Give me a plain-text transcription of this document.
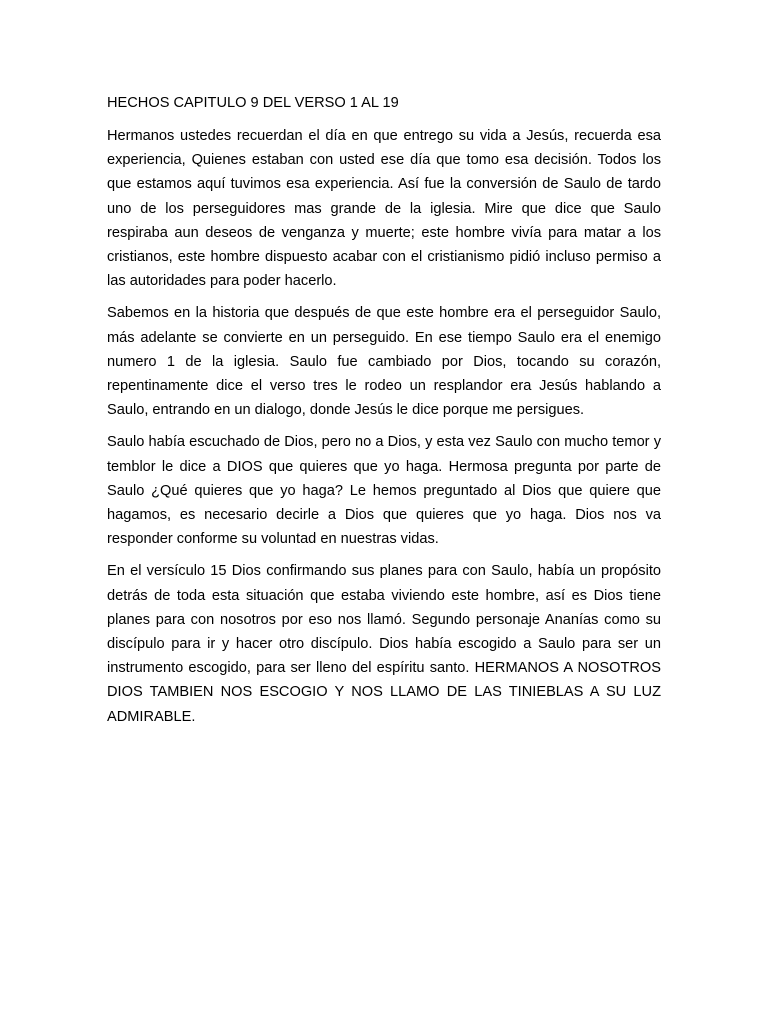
HECHOS CAPITULO 9 DEL VERSO 1 AL 19

Hermanos ustedes recuerdan el día en que entrego su vida a Jesús, recuerda esa experiencia, Quienes estaban con usted ese día que tomo esa decisión. Todos los que estamos aquí tuvimos esa experiencia. Así fue la conversión de Saulo de tardo uno de los perseguidores mas grande de la iglesia. Mire que dice que Saulo respiraba aun deseos de venganza y muerte; este hombre vivía para matar a los cristianos, este hombre dispuesto acabar con el cristianismo pidió incluso permiso a las autoridades para poder hacerlo.

Sabemos en la historia que después de que este hombre era el perseguidor Saulo, más adelante se convierte en un perseguido. En ese tiempo Saulo era el enemigo numero 1 de la iglesia. Saulo fue cambiado por Dios, tocando su corazón, repentinamente dice el verso tres le rodeo un resplandor era Jesús hablando a Saulo, entrando en un dialogo, donde Jesús le dice porque me persigues.

Saulo había escuchado de Dios, pero no a Dios, y esta vez Saulo con mucho temor y temblor le dice a DIOS que quieres que yo haga. Hermosa pregunta por parte de Saulo ¿Qué quieres que yo haga? Le hemos preguntado al Dios que quiere que hagamos, es necesario decirle a Dios que quieres que yo haga. Dios nos va responder conforme su voluntad en nuestras vidas.

En el versículo 15 Dios confirmando sus planes para con Saulo, había un propósito detrás de toda esta situación que estaba viviendo este hombre, así es Dios tiene planes para con nosotros por eso nos llamó. Segundo personaje Ananías como su discípulo para ir y hacer otro discípulo. Dios había escogido a Saulo para ser un instrumento escogido, para ser lleno del espíritu santo. HERMANOS A NOSOTROS DIOS TAMBIEN NOS ESCOGIO Y NOS LLAMO DE LAS TINIEBLAS A SU LUZ ADMIRABLE.
